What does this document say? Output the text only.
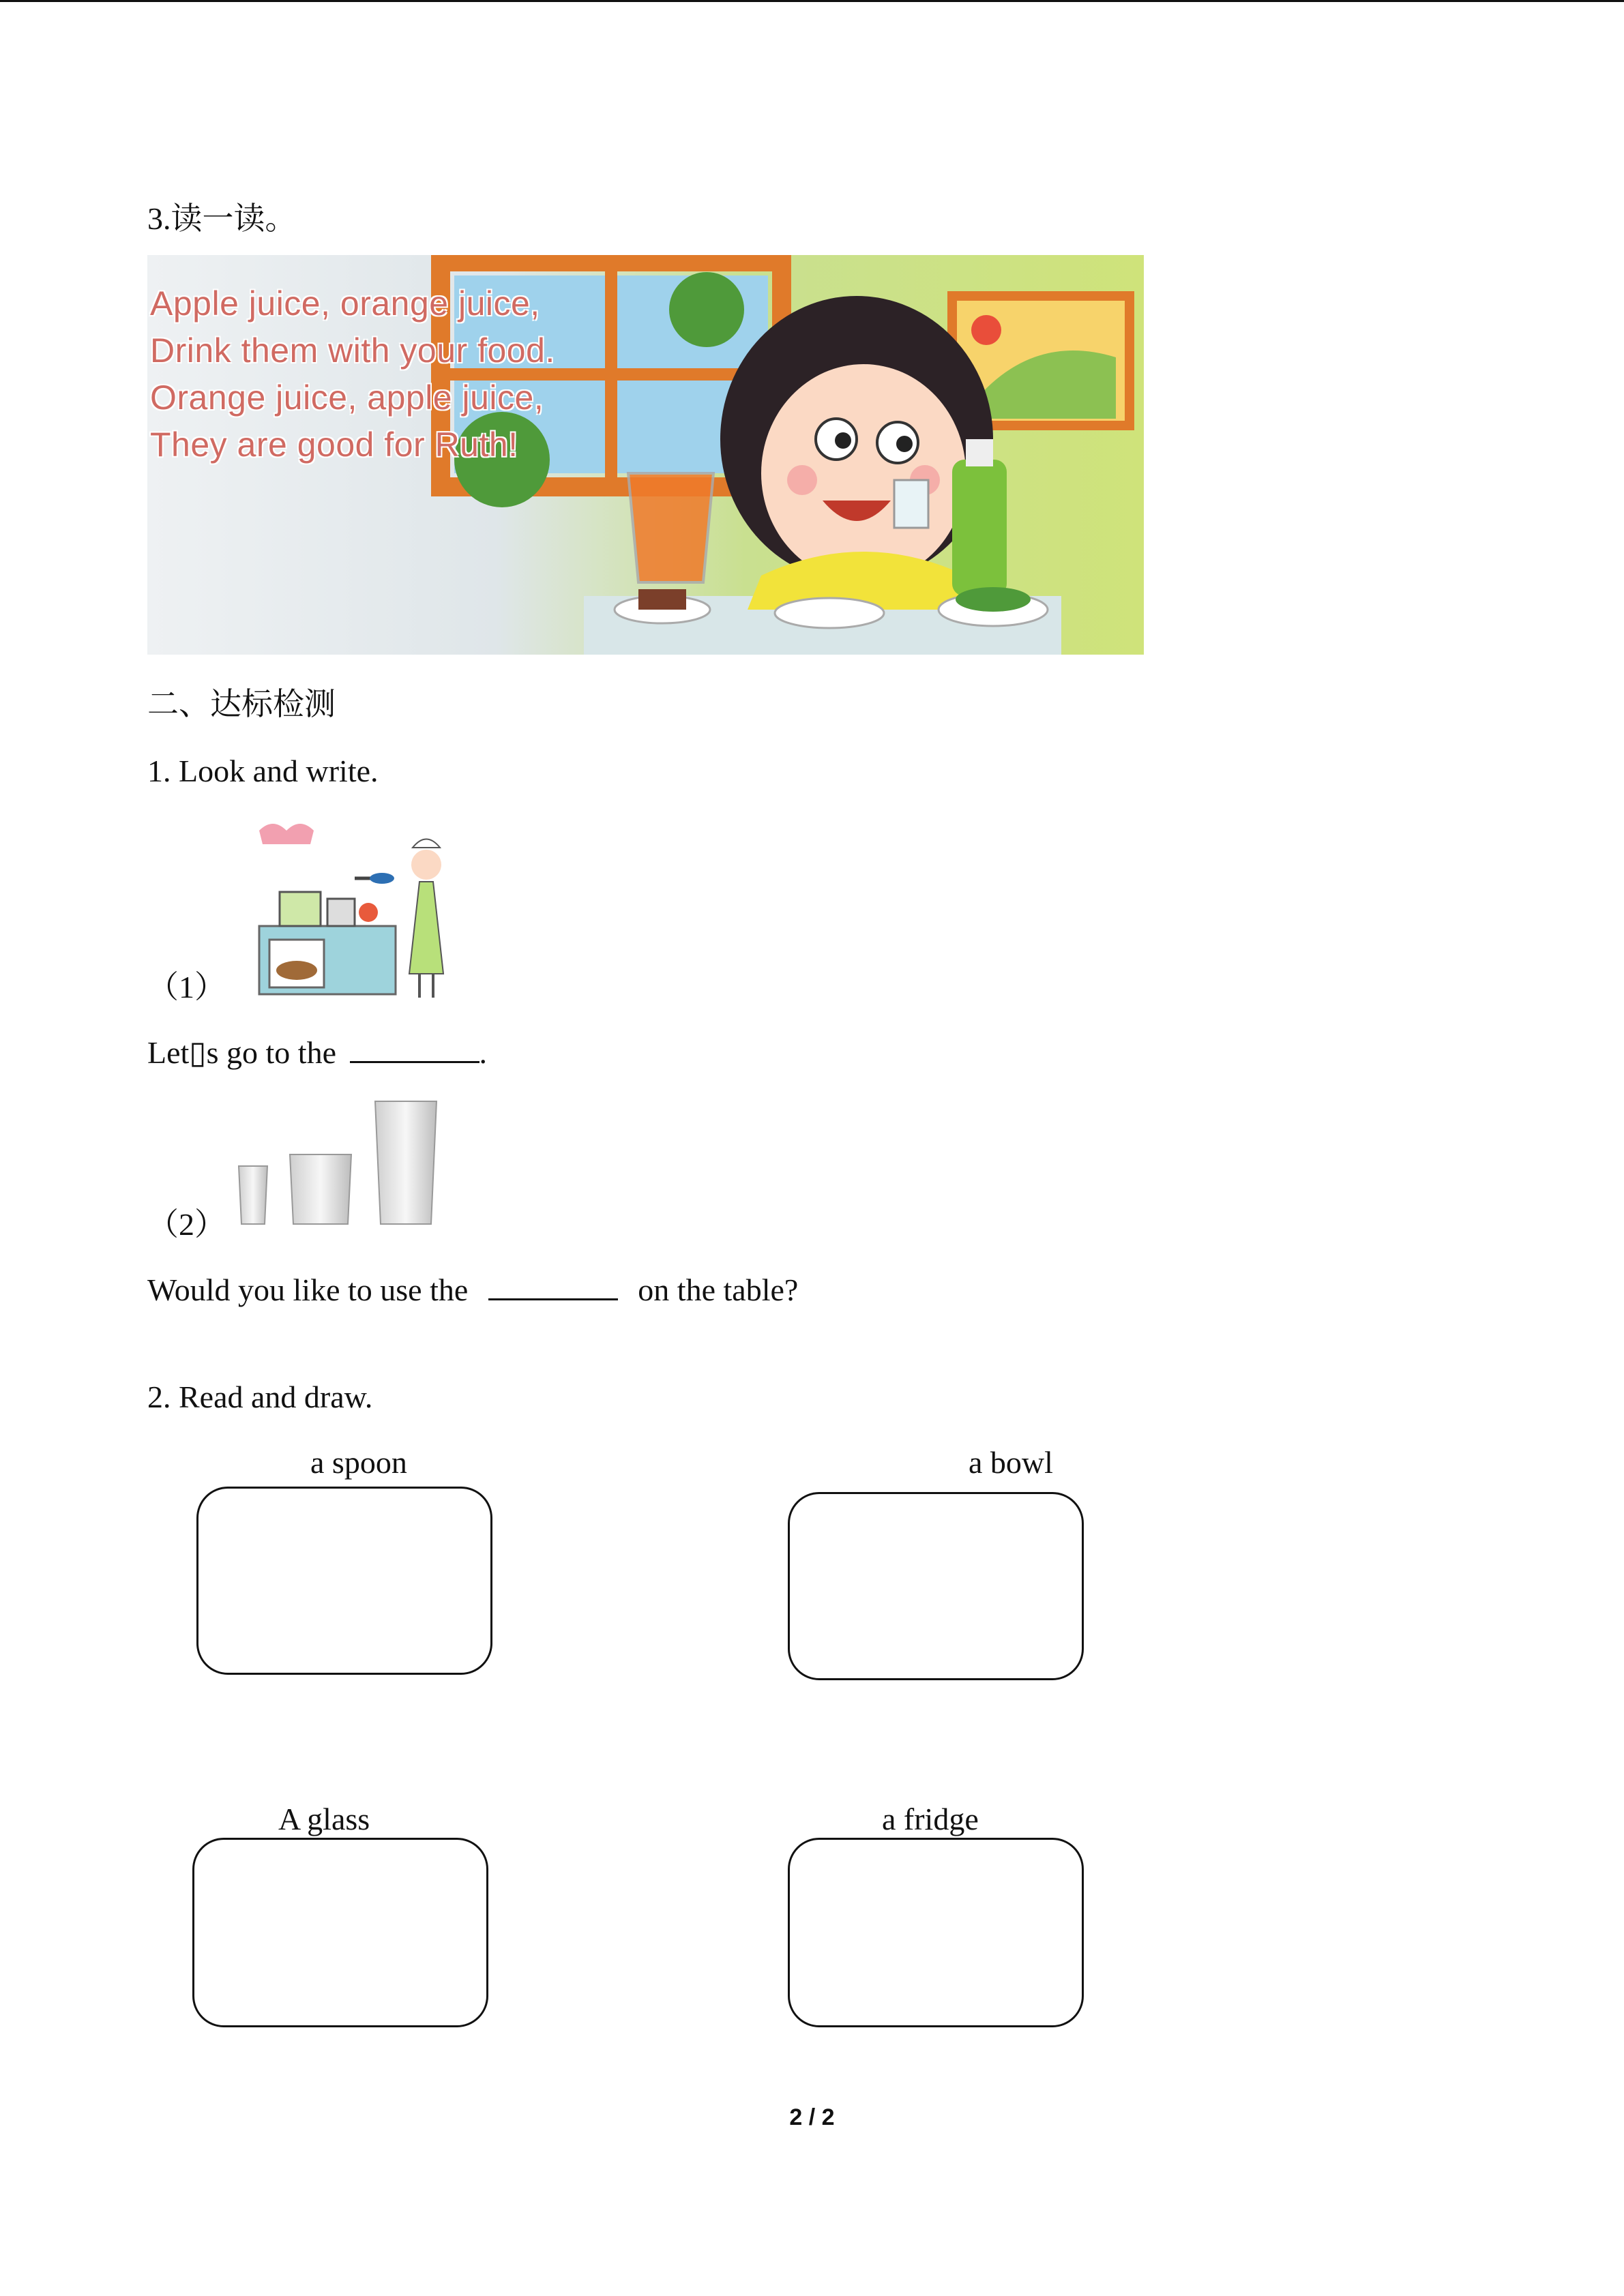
3.读一读。
Apple juice, orange juice,
Drink them with your food.
Orange juice, apple juice,
They are good for Ruth!
二、达标检测
1. Look and write.
（1）
Let▯s go to the	.
（2）
Would you like to use the	on the table?
2. Read and draw.
a spoon	a bowl
A glass	a fridge
2 / 2
